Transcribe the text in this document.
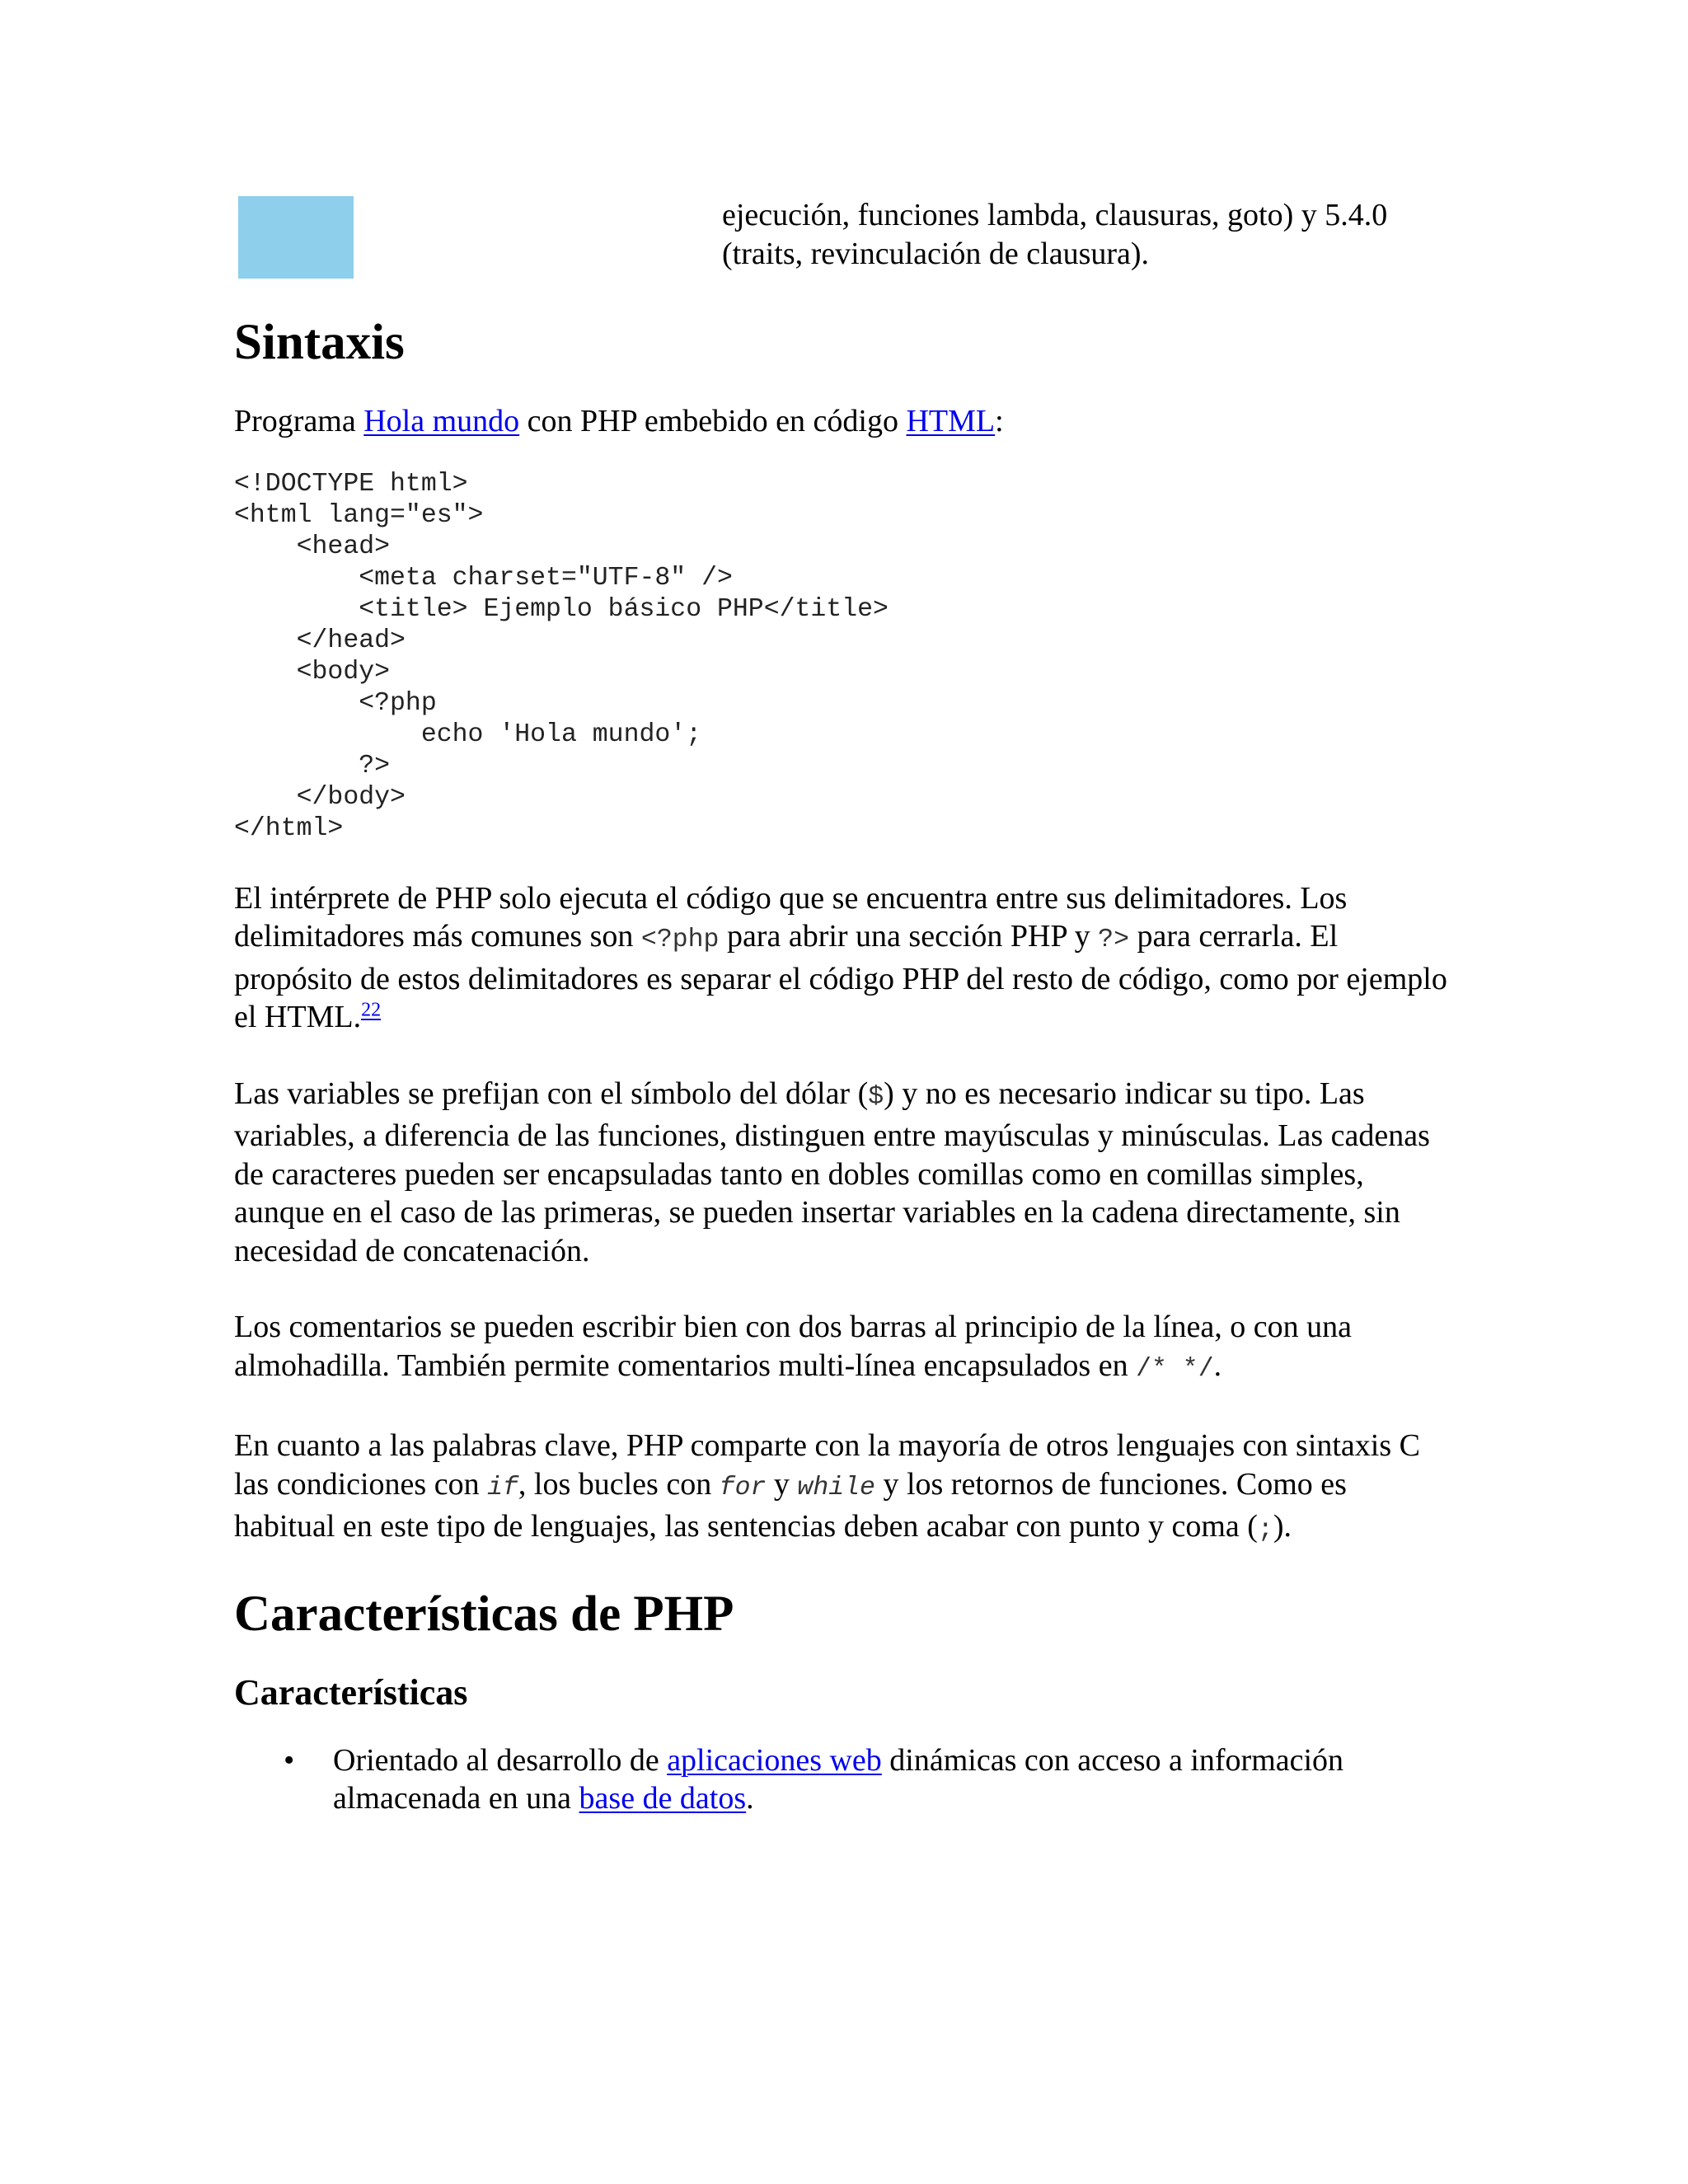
ejecución, funciones lambda, clausuras, goto) y 5.4.0 (traits, revinculación de clausura).
Sintaxis

Programa Hola mundo con PHP embebido en código HTML:

<!DOCTYPE html>
<html lang="es">
<head>
<meta charset="UTF-8" />
<title> Ejemplo básico PHP</title>
</head>
<body>
<?php
echo 'Hola mundo';
?>
</body>
</html>

El intérprete de PHP solo ejecuta el código que se encuentra entre sus delimitadores. Los delimitadores más comunes son <?php para abrir una sección PHP y ?> para cerrarla. El propósito de estos delimitadores es separar el código PHP del resto de código, como por ejemplo el HTML.$^{22}$

Las variables se prefijan con el símbolo del dólar ($) y no es necesario indicar su tipo. Las variables, a diferencia de las funciones, distinguen entre mayúsculas y minúsculas. Las cadenas de caracteres pueden ser encapsuladas tanto en dobles comillas como en comillas simples, aunque en el caso de las primeras, se pueden insertar variables en la cadena directamente, sin necesidad de concatenación.

Los comentarios se pueden escribir bien con dos barras al principio de la línea, o con una almohadilla. También permite comentarios multi-línea encapsulados en /* */.

En cuanto a las palabras clave, PHP comparte con la mayoría de otros lenguajes con sintaxis C las condiciones con if, los bucles con for y while y los retornos de funciones. Como es habitual en este tipo de lenguajes, las sentencias deben acabar con punto y coma (;).

Características de PHP
Características
• Orientado al desarrollo de aplicaciones web dinámicas con acceso a información almacenada en una base de datos.
